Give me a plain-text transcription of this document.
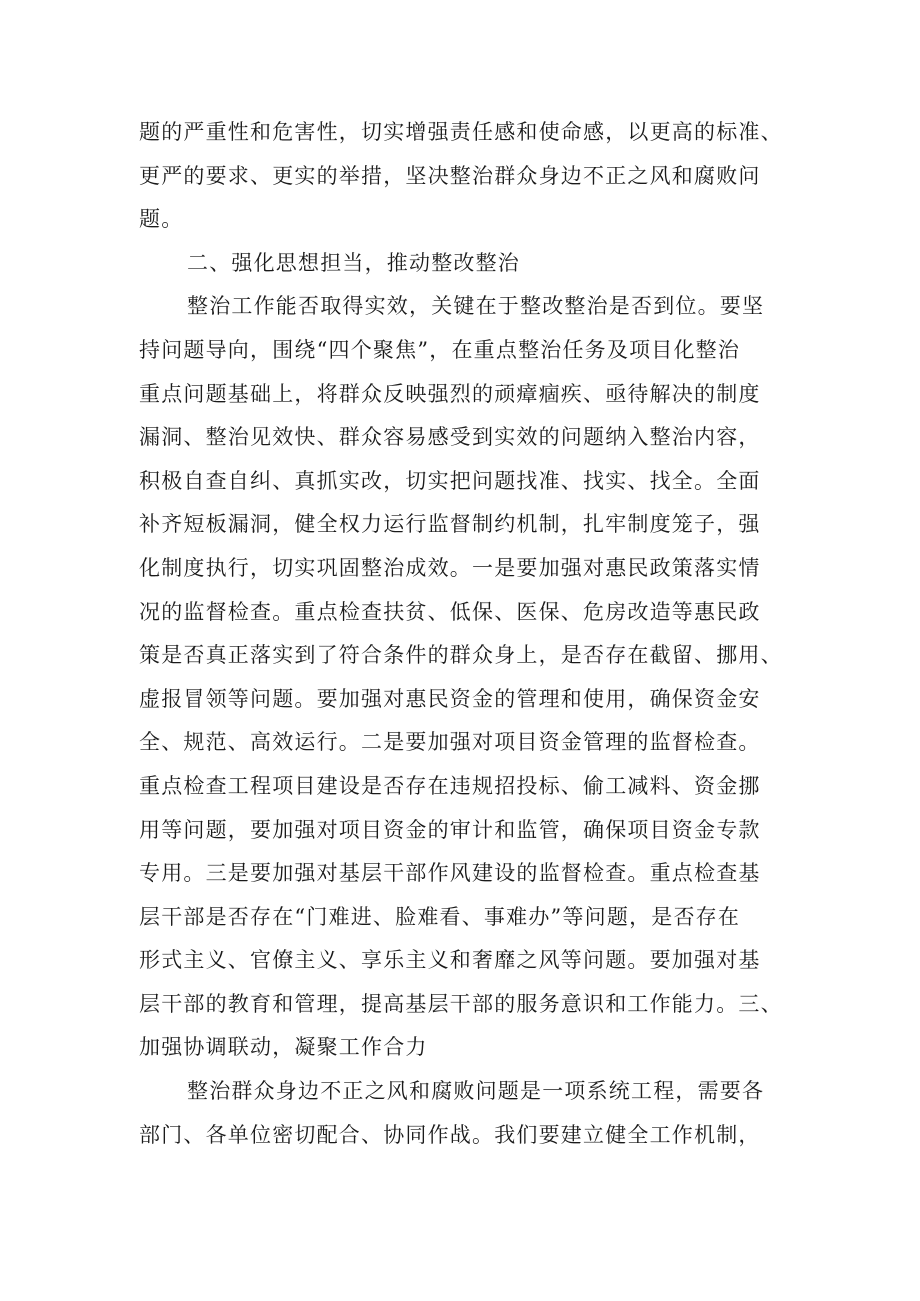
题的严重性和危害性，切实增强责任感和使命感，以更高的标准、
更严的要求、更实的举措，坚决整治群众身边不正之风和腐败问
题。
二、强化思想担当，推动整改整治
整治工作能否取得实效，关键在于整改整治是否到位。要坚
持问题导向，围绕“四个聚焦”，在重点整治任务及项目化整治
重点问题基础上，将群众反映强烈的顽瘴痼疾、亟待解决的制度
漏洞、整治见效快、群众容易感受到实效的问题纳入整治内容，
积极自查自纠、真抓实改，切实把问题找准、找实、找全。全面
补齐短板漏洞，健全权力运行监督制约机制，扎牢制度笼子，强
化制度执行，切实巩固整治成效。一是要加强对惠民政策落实情
况的监督检查。重点检查扶贫、低保、医保、危房改造等惠民政
策是否真正落实到了符合条件的群众身上，是否存在截留、挪用、
虚报冒领等问题。要加强对惠民资金的管理和使用，确保资金安
全、规范、高效运行。二是要加强对项目资金管理的监督检查。
重点检查工程项目建设是否存在违规招投标、偷工减料、资金挪
用等问题，要加强对项目资金的审计和监管，确保项目资金专款
专用。三是要加强对基层干部作风建设的监督检查。重点检查基
层干部是否存在“门难进、脸难看、事难办”等问题，是否存在
形式主义、官僚主义、享乐主义和奢靡之风等问题。要加强对基
层干部的教育和管理，提高基层干部的服务意识和工作能力。三、
加强协调联动，凝聚工作合力
整治群众身边不正之风和腐败问题是一项系统工程，需要各
部门、各单位密切配合、协同作战。我们要建立健全工作机制，
